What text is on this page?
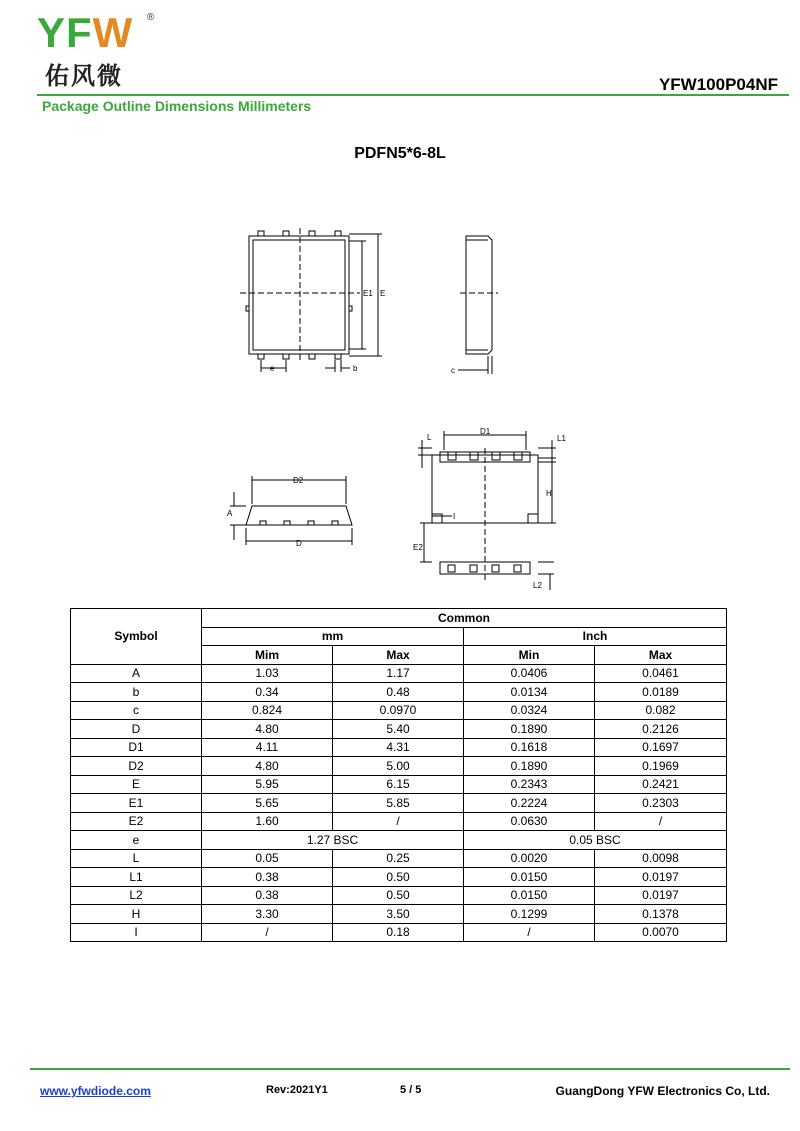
YFW ®
佑风微	YFW100P04NF
Package Outline Dimensions Millimeters
PDFN5*6-8L
e	b	c
E1 E
L
D1
L1
H
D2
A
D	E2
L2
I
Symbol	Common			
	mm		Inch	
	Mim	Max	Min	Max
A	1.03	1.17	0.0406	0.0461
b	0.34	0.48	0.0134	0.0189
c	0.824	0.0970	0.0324	0.082
D	4.80	5.40	0.1890	0.2126
D1	4.11	4.31	0.1618	0.1697
D2	4.80	5.00	0.1890	0.1969
E	5.95	6.15	0.2343	0.2421
E1	5.65	5.85	0.2224	0.2303
E2	1.60	/	0.0630	/
e	1.27 BSC		0.05 BSC	
L	0.05	0.25	0.0020	0.0098
L1	0.38	0.50	0.0150	0.0197
L2	0.38	0.50	0.0150	0.0197
H	3.30	3.50	0.1299	0.1378
I	/	0.18	/	0.0070
www.yfwdiode.com	Rev:2021Y1	5 / 5	GuangDong YFW Electronics Co, Ltd.
